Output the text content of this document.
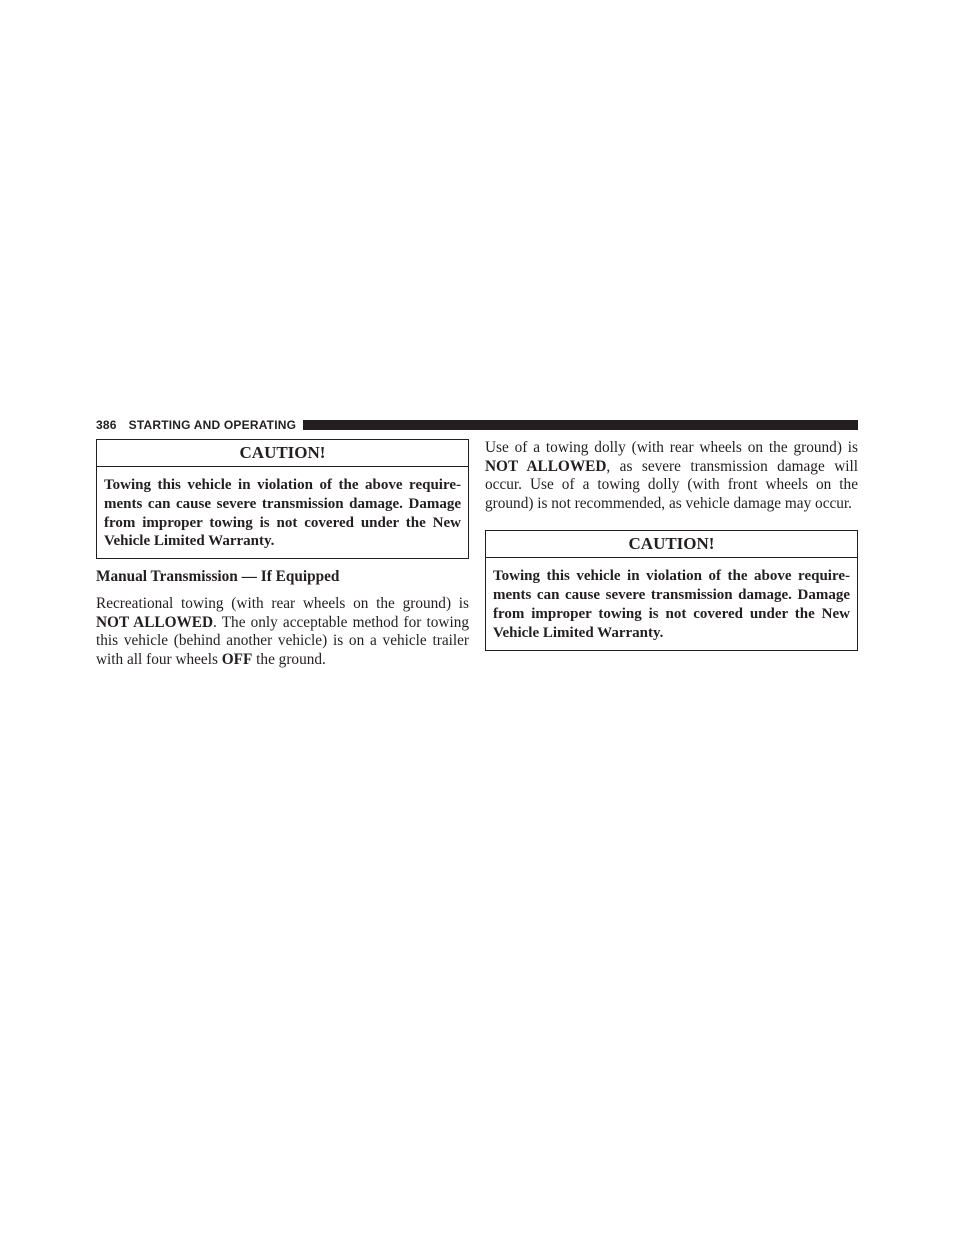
386 STARTING AND OPERATING
CAUTION!
Towing this vehicle in violation of the above requirements can cause severe transmission damage. Damage from improper towing is not covered under the New Vehicle Limited Warranty.
Manual Transmission — If Equipped

Recreational towing (with rear wheels on the ground) is NOT ALLOWED. The only acceptable method for towing this vehicle (behind another vehicle) is on a vehicle trailer with all four wheels OFF the ground.

Use of a towing dolly (with rear wheels on the ground) is NOT ALLOWED, as severe transmission damage will occur. Use of a towing dolly (with front wheels on the ground) is not recommended, as vehicle damage may occur.

CAUTION!
Towing this vehicle in violation of the above requirements can cause severe transmission damage. Damage from improper towing is not covered under the New Vehicle Limited Warranty.
